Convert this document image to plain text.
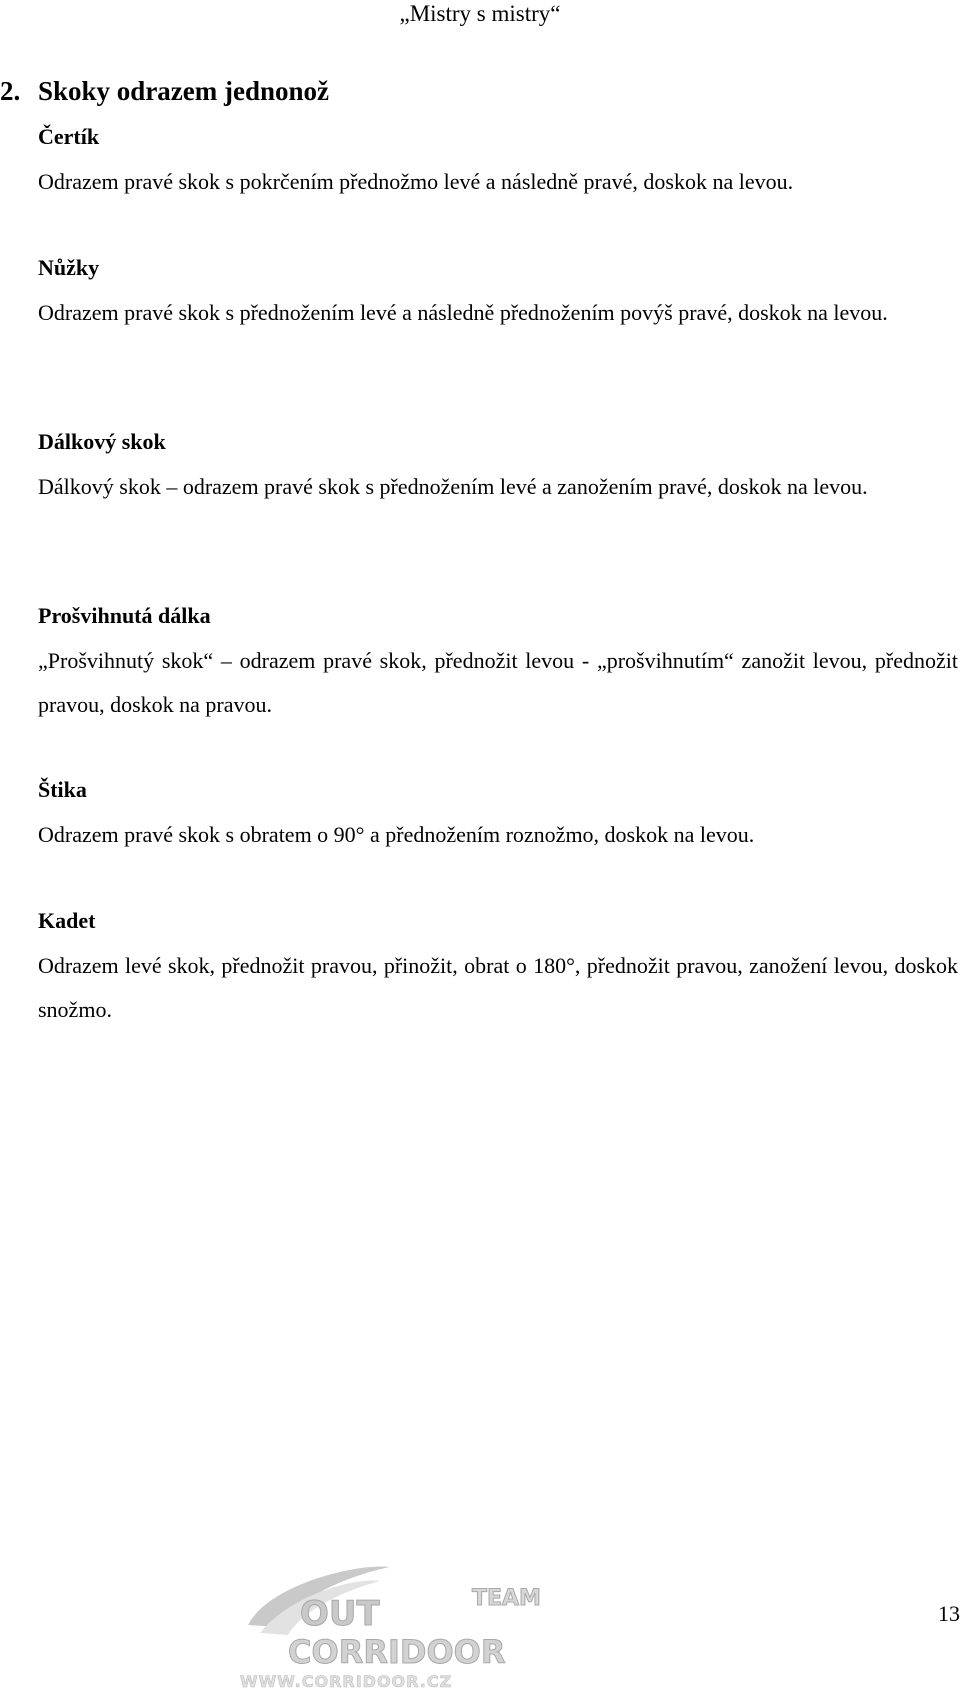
„Mistry s mistry“
2. Skoky odrazem jednonož
Čertík

Odrazem pravé skok s pokrčením přednožmo levé a následně pravé, doskok na levou.

Nůžky

Odrazem pravé skok s přednožením levé a následně přednožením povýš pravé, doskok na levou.

Dálkový skok

Dálkový skok – odrazem pravé skok s přednožením levé a zanožením pravé, doskok na levou.

Prošvihnutá dálka

„Prošvihnutý skok“ – odrazem pravé skok, přednožit levou - „prošvihnutím“ zanožit levou, přednožit pravou, doskok na pravou.

Štika

Odrazem pravé skok s obratem o 90° a přednožením roznožmo, doskok na levou.

Kadet

Odrazem levé skok, přednožit pravou, přinožit, obrat o 180°, přednožit pravou, zanožení levou, doskok snožmo.

OUT	TEAM
CORRIDOOR
WWW.CORRIDOOR.CZ
13
